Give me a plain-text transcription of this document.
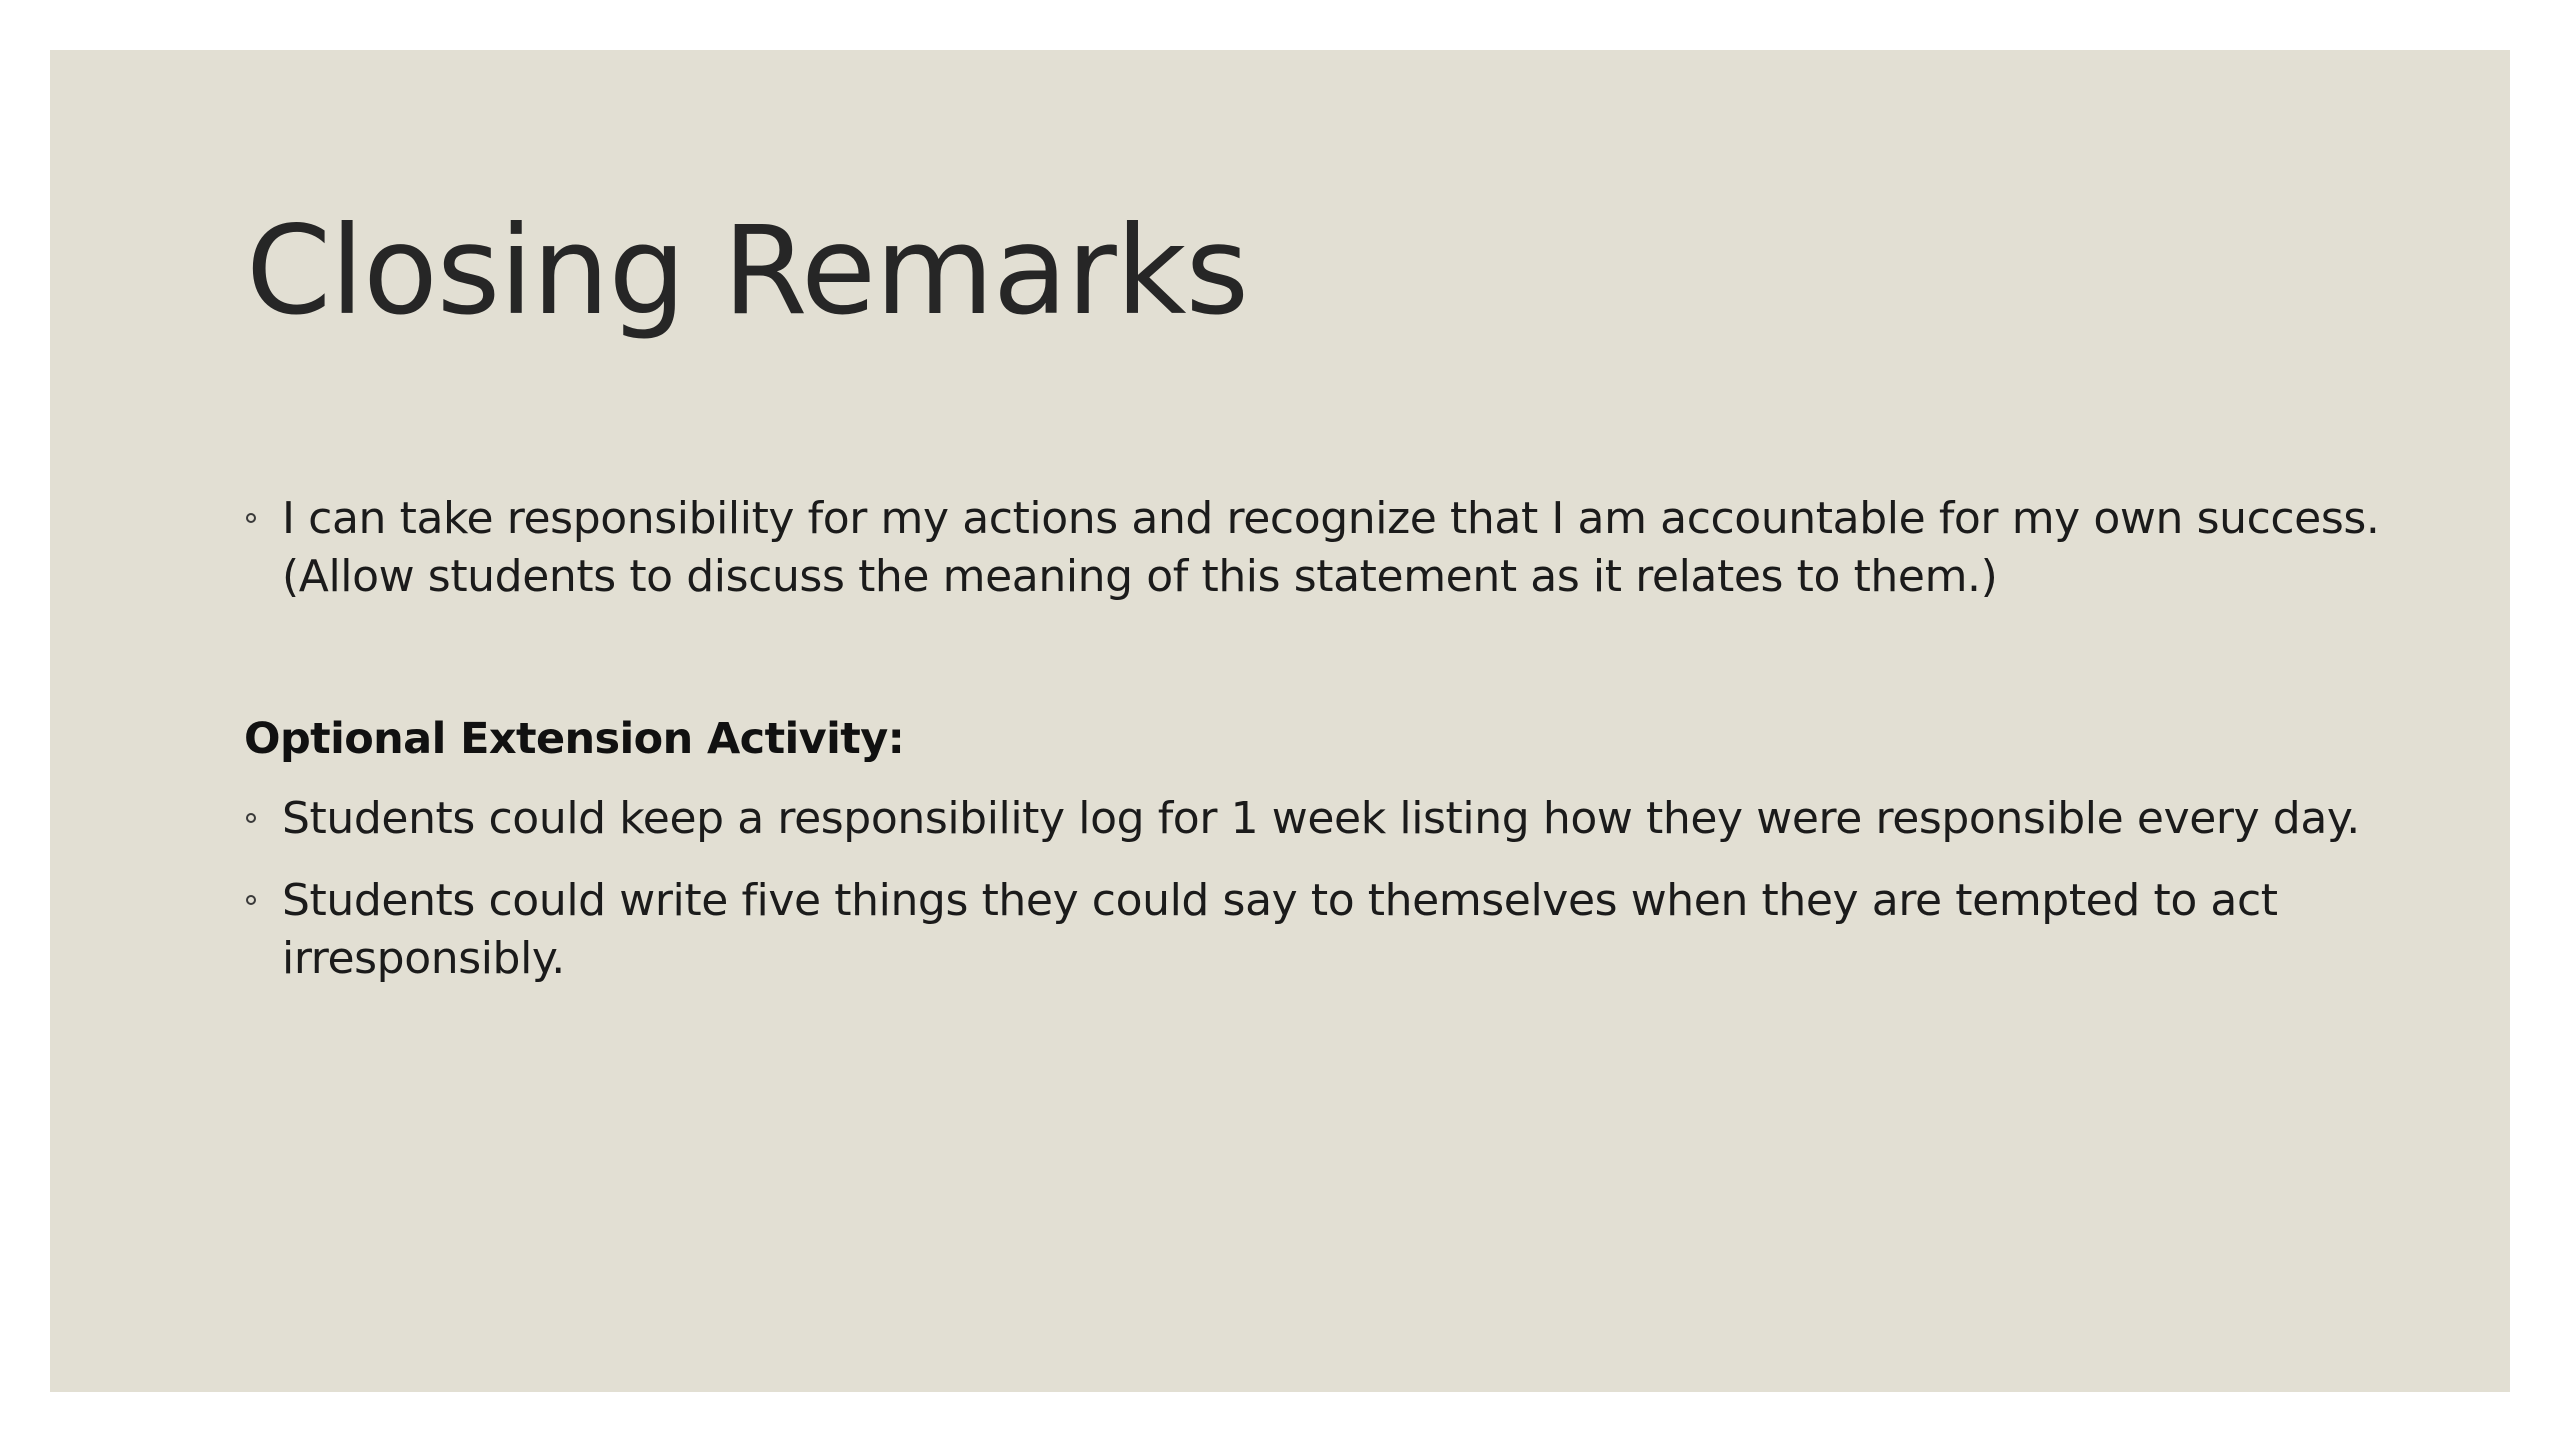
Closing Remarks
I can take responsibility for my actions and recognize that I am accountable for my own success. (Allow students to discuss the meaning of this statement as it relates to them.)
Optional Extension Activity:
Students could keep a responsibility log for 1 week listing how they were responsible every day.
Students could write five things they could say to themselves when they are tempted to act irresponsibly.
